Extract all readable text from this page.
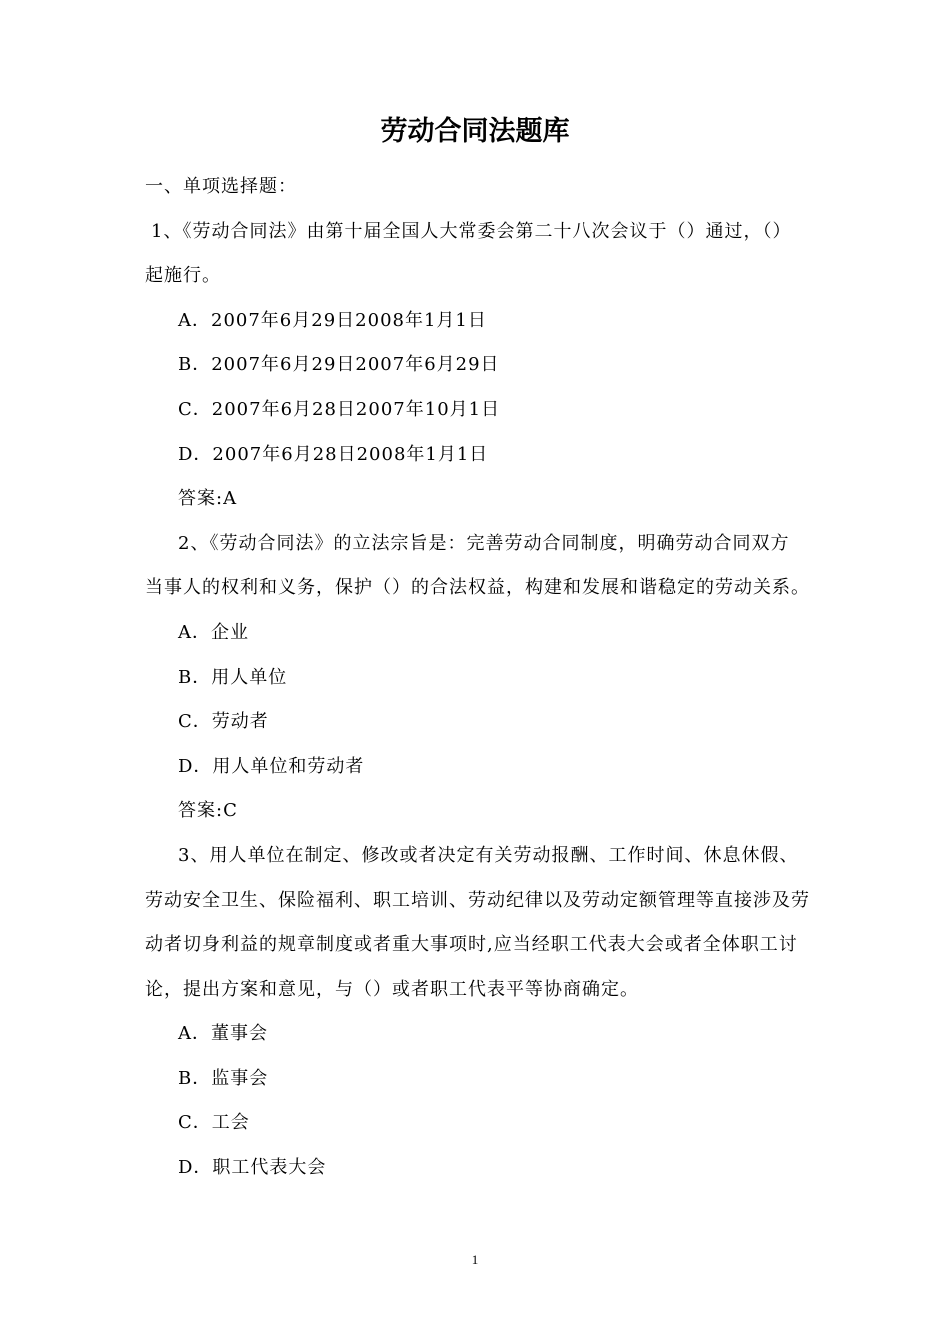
劳动合同法题库
一、单项选择题：
1、《劳动合同法》由第十届全国人大常委会第二十八次会议于（）通过，（）
起施行。
A．2007年6月29日2008年1月1日
B．2007年6月29日2007年6月29日
C．2007年6月28日2007年10月1日
D．2007年6月28日2008年1月1日
答案:A
2、《劳动合同法》的立法宗旨是：完善劳动合同制度，明确劳动合同双方
当事人的权利和义务，保护（）的合法权益，构建和发展和谐稳定的劳动关系。
A．企业
B．用人单位
C．劳动者
D．用人单位和劳动者
答案:C
3、用人单位在制定、修改或者决定有关劳动报酬、工作时间、休息休假、
劳动安全卫生、保险福利、职工培训、劳动纪律以及劳动定额管理等直接涉及劳
动者切身利益的规章制度或者重大事项时,应当经职工代表大会或者全体职工讨
论，提出方案和意见，与（）或者职工代表平等协商确定。
A．董事会
B．监事会
C．工会
D．职工代表大会
1
